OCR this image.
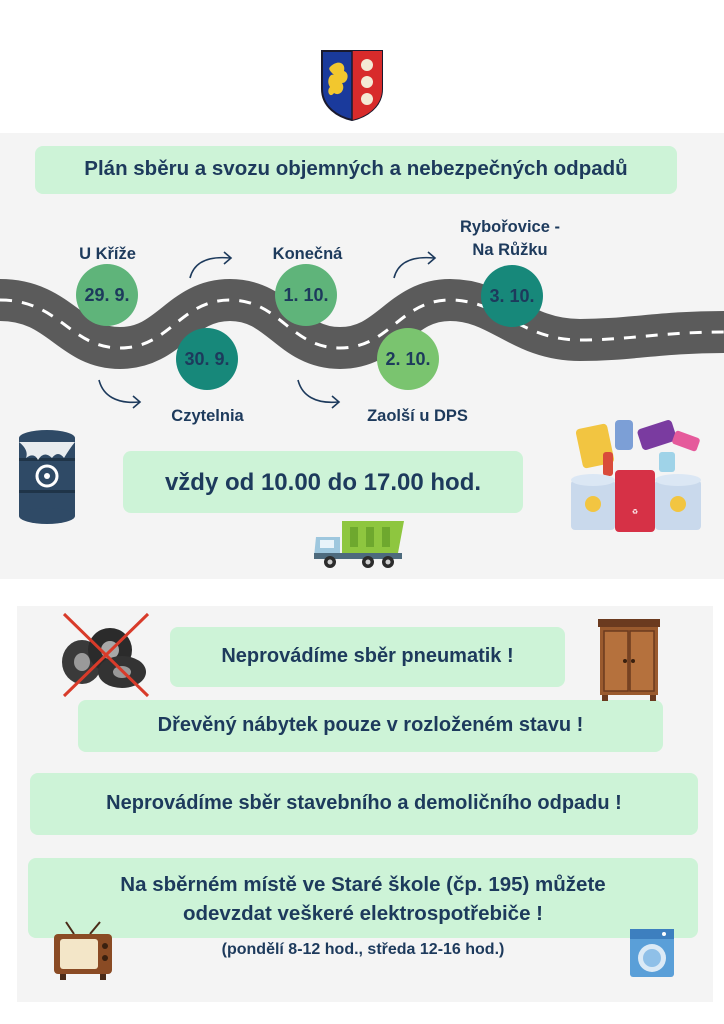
Plán sběru a svozu objemných a nebezpečných odpadů
29. 9.
30. 9.
1. 10.
2. 10.
3. 10.
U Kříže
Czytelnia
Konečná
Zaolší u DPS
Rybořovice -
Na Růžku
vždy od 10.00 do 17.00 hod.
♻
Neprovádíme sběr pneumatik !
Dřevěný nábytek pouze v rozloženém stavu !
Neprovádíme sběr stavebního a demoličního odpadu !
Na sběrném místě ve Staré škole (čp. 195) můžete
odevzdat veškeré elektrospotřebiče !
(pondělí 8-12 hod., středa 12-16 hod.)
